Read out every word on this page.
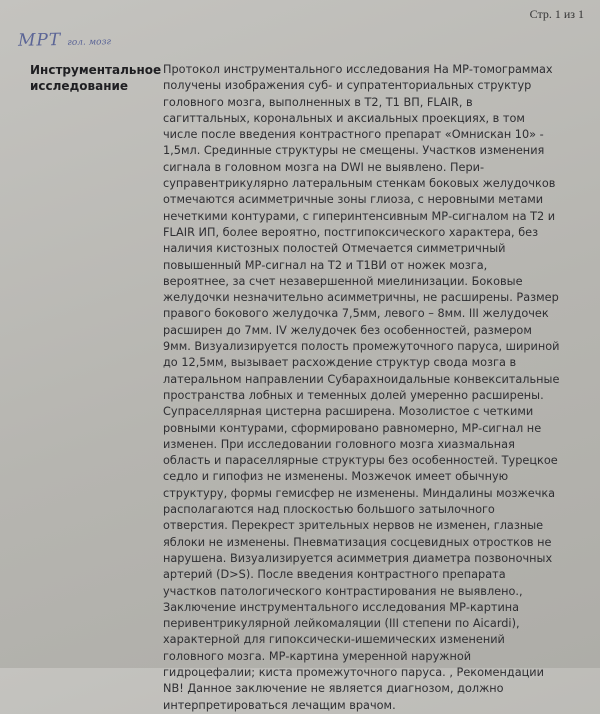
Стр. 1 из 1
МРТ гол. мозг
Инструментальное
исследование
Протокол инструментального исследования На МР-томограммах
получены изображения суб- и супратенториальных структур
головного мозга, выполненных в Т2, Т1 ВП, FLAIR, в
сагиттальных, корональных и аксиальных проекциях, в том
числе после введения контрастного препарат «Омнискан 10» -
1,5мл. Срединные структуры не смещены. Участков изменения
сигнала в головном мозга на DWI не выявлено. Пери-
суправентрикулярно латеральным стенкам боковых желудочков
отмечаются асимметричные зоны глиоза, с неровными метами
нечеткими контурами, с гиперинтенсивным МР-сигналом на Т2 и
FLAIR ИП, более вероятно, постгипоксического характера, без
наличия кистозных полостей Отмечается симметричный
повышенный МР-сигнал на Т2 и Т1ВИ от ножек мозга,
вероятнее, за счет незавершенной миелинизации. Боковые
желудочки незначительно асимметричны, не расширены. Размер
правого бокового желудочка 7,5мм, левого – 8мм. III желудочек
расширен до 7мм. IV желудочек без особенностей, размером
9мм. Визуализируется полость промежуточного паруса, шириной
до 12,5мм, вызывает расхождение структур свода мозга в
латеральном направлении Субарахноидальные конвекситальные
пространства лобных и теменных долей умеренно расширены.
Супраселлярная цистерна расширена. Мозолистое с четкими
ровными контурами, сформировано равномерно, МР-сигнал не
изменен. При исследовании головного мозга хиазмальная
область и параселлярные структуры без особенностей. Турецкое
седло и гипофиз не изменены. Мозжечок имеет обычную
структуру, формы гемисфер не изменены. Миндалины мозжечка
располагаются над плоскостью большого затылочного
отверстия. Перекрест зрительных нервов не изменен, глазные
яблоки не изменены. Пневматизация сосцевидных отростков не
нарушена. Визуализируется асимметрия диаметра позвоночных
артерий (D>S). После введения контрастного препарата
участков патологического контрастирования не выявлено.,
Заключение инструментального исследования МР-картина
перивентрикулярной лейкомаляции (III степени по Aicardi),
характерной для гипоксически-ишемических изменений
головного мозга. МР-картина умеренной наружной
гидроцефалии; киста промежуточного паруса. , Рекомендации
NB! Данное заключение не является диагнозом, должно
интерпретироваться лечащим врачом.
